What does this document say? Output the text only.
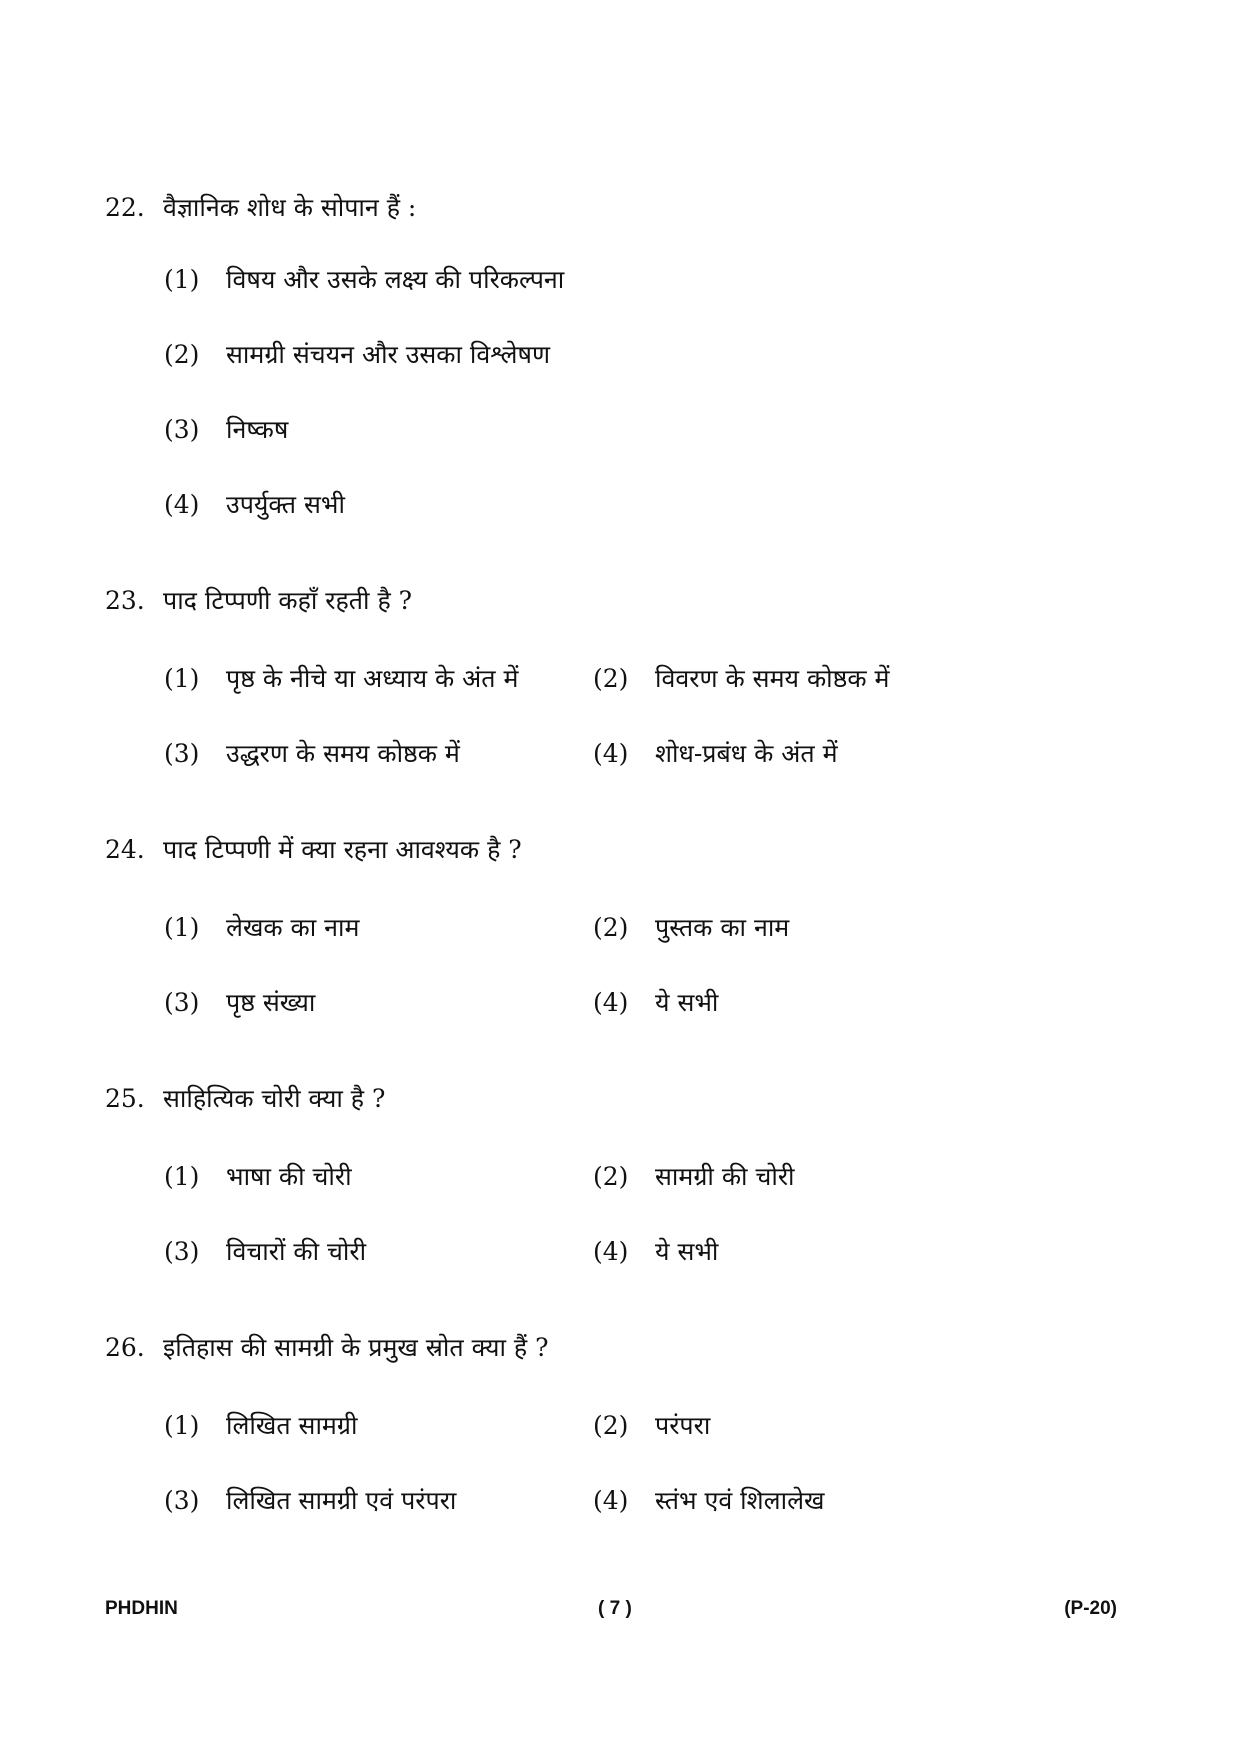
22. वैज्ञानिक शोध के सोपान हैं :
(1) विषय और उसके लक्ष्य की परिकल्पना
(2) सामग्री संचयन और उसका विश्लेषण
(3) निष्कष
(4) उपर्युक्त सभी
23. पाद टिप्पणी कहाँ रहती है ?
(1) पृष्ठ के नीचे या अध्याय के अंत में	(2) विवरण के समय कोष्ठक में
(3) उद्धरण के समय कोष्ठक में	(4) शोध-प्रबंध के अंत में
24. पाद टिप्पणी में क्या रहना आवश्यक है ?
(1) लेखक का नाम	(2) पुस्तक का नाम
(3) पृष्ठ संख्या	(4) ये सभी
25. साहित्यिक चोरी क्या है ?
(1) भाषा की चोरी	(2) सामग्री की चोरी
(3) विचारों की चोरी	(4) ये सभी
26. इतिहास की सामग्री के प्रमुख स्रोत क्या हैं ?
(1) लिखित सामग्री	(2) परंपरा
(3) लिखित सामग्री एवं परंपरा	(4) स्तंभ एवं शिलालेख
PHDHIN	( 7 )	(P-20)
